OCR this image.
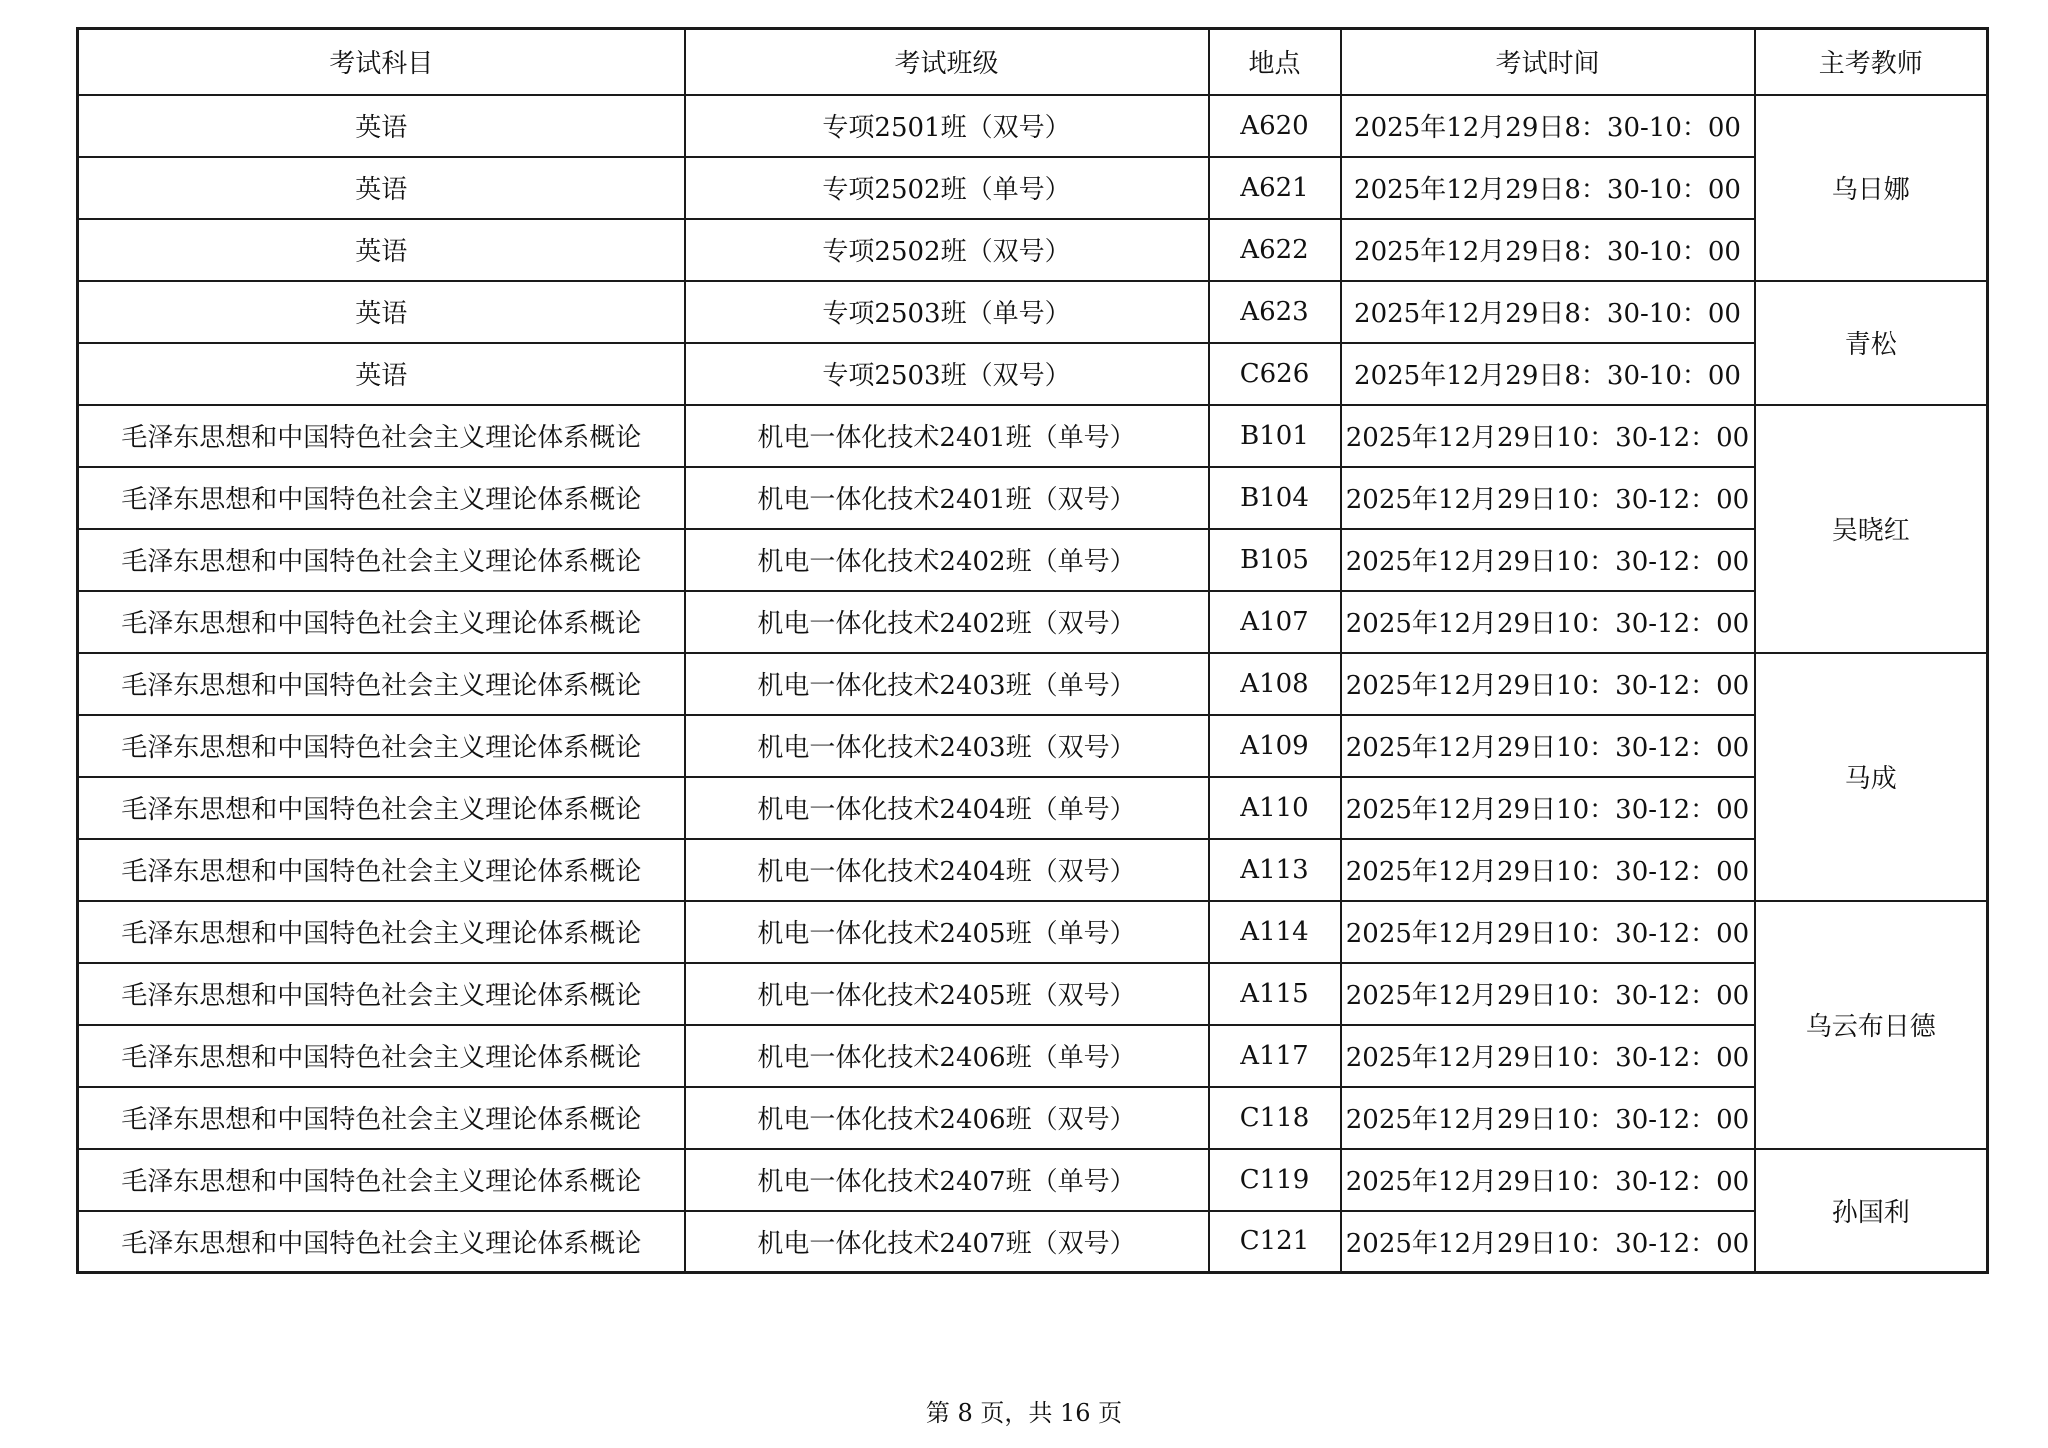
考试科目	考试班级	地点	考试时间	主考教师
英语	专项2501班（双号）	A620	2025年12月29日8：30-10：00	乌日娜
英语	专项2502班（单号）	A621	2025年12月29日8：30-10：00	
英语	专项2502班（双号）	A622	2025年12月29日8：30-10：00	
英语	专项2503班（单号）	A623	2025年12月29日8：30-10：00	青松
英语	专项2503班（双号）	C626	2025年12月29日8：30-10：00	
毛泽东思想和中国特色社会主义理论体系概论	机电一体化技术2401班（单号）	B101	2025年12月29日10：30-12：00	吴晓红
毛泽东思想和中国特色社会主义理论体系概论	机电一体化技术2401班（双号）	B104	2025年12月29日10：30-12：00	
毛泽东思想和中国特色社会主义理论体系概论	机电一体化技术2402班（单号）	B105	2025年12月29日10：30-12：00	
毛泽东思想和中国特色社会主义理论体系概论	机电一体化技术2402班（双号）	A107	2025年12月29日10：30-12：00	
毛泽东思想和中国特色社会主义理论体系概论	机电一体化技术2403班（单号）	A108	2025年12月29日10：30-12：00	马成
毛泽东思想和中国特色社会主义理论体系概论	机电一体化技术2403班（双号）	A109	2025年12月29日10：30-12：00	
毛泽东思想和中国特色社会主义理论体系概论	机电一体化技术2404班（单号）	A110	2025年12月29日10：30-12：00	
毛泽东思想和中国特色社会主义理论体系概论	机电一体化技术2404班（双号）	A113	2025年12月29日10：30-12：00	
毛泽东思想和中国特色社会主义理论体系概论	机电一体化技术2405班（单号）	A114	2025年12月29日10：30-12：00	乌云布日德
毛泽东思想和中国特色社会主义理论体系概论	机电一体化技术2405班（双号）	A115	2025年12月29日10：30-12：00	
毛泽东思想和中国特色社会主义理论体系概论	机电一体化技术2406班（单号）	A117	2025年12月29日10：30-12：00	
毛泽东思想和中国特色社会主义理论体系概论	机电一体化技术2406班（双号）	C118	2025年12月29日10：30-12：00	
毛泽东思想和中国特色社会主义理论体系概论	机电一体化技术2407班（单号）	C119	2025年12月29日10：30-12：00	孙国利
毛泽东思想和中国特色社会主义理论体系概论	机电一体化技术2407班（双号）	C121	2025年12月29日10：30-12：00	
第 8 页，共 16 页
